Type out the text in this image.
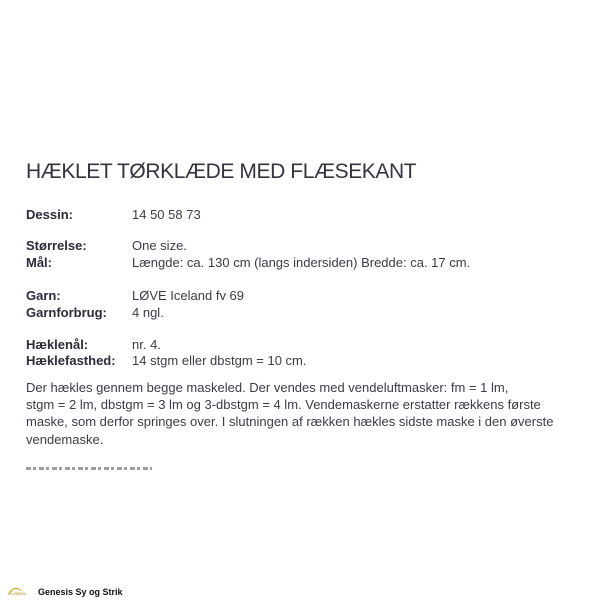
HÆKLET TØRKLÆDE MED FLÆSEKANT
Dessin:	14 50 58 73
Størrelse:	One size.
Mål:	Længde: ca. 130 cm (langs indersiden) Bredde: ca. 17 cm.
Garn:	LØVE Iceland fv 69
Garnforbrug: 4 ngl.
Hæklenål:	nr. 4.
Hæklefasthed: 14 stgm eller dbstgm = 10 cm.
Der hækles gennem begge maskeled. Der vendes med vendeluftmasker: fm = 1 lm,
stgm = 2 lm, dbstgm = 3 lm og 3-dbstgm = 4 lm. Vendemaskerne erstatter rækkens første
maske, som derfor springes over. I slutningen af rækken hækles sidste maske i den øverste
vendemaske.
Genesis Genesis Sy og Strik
